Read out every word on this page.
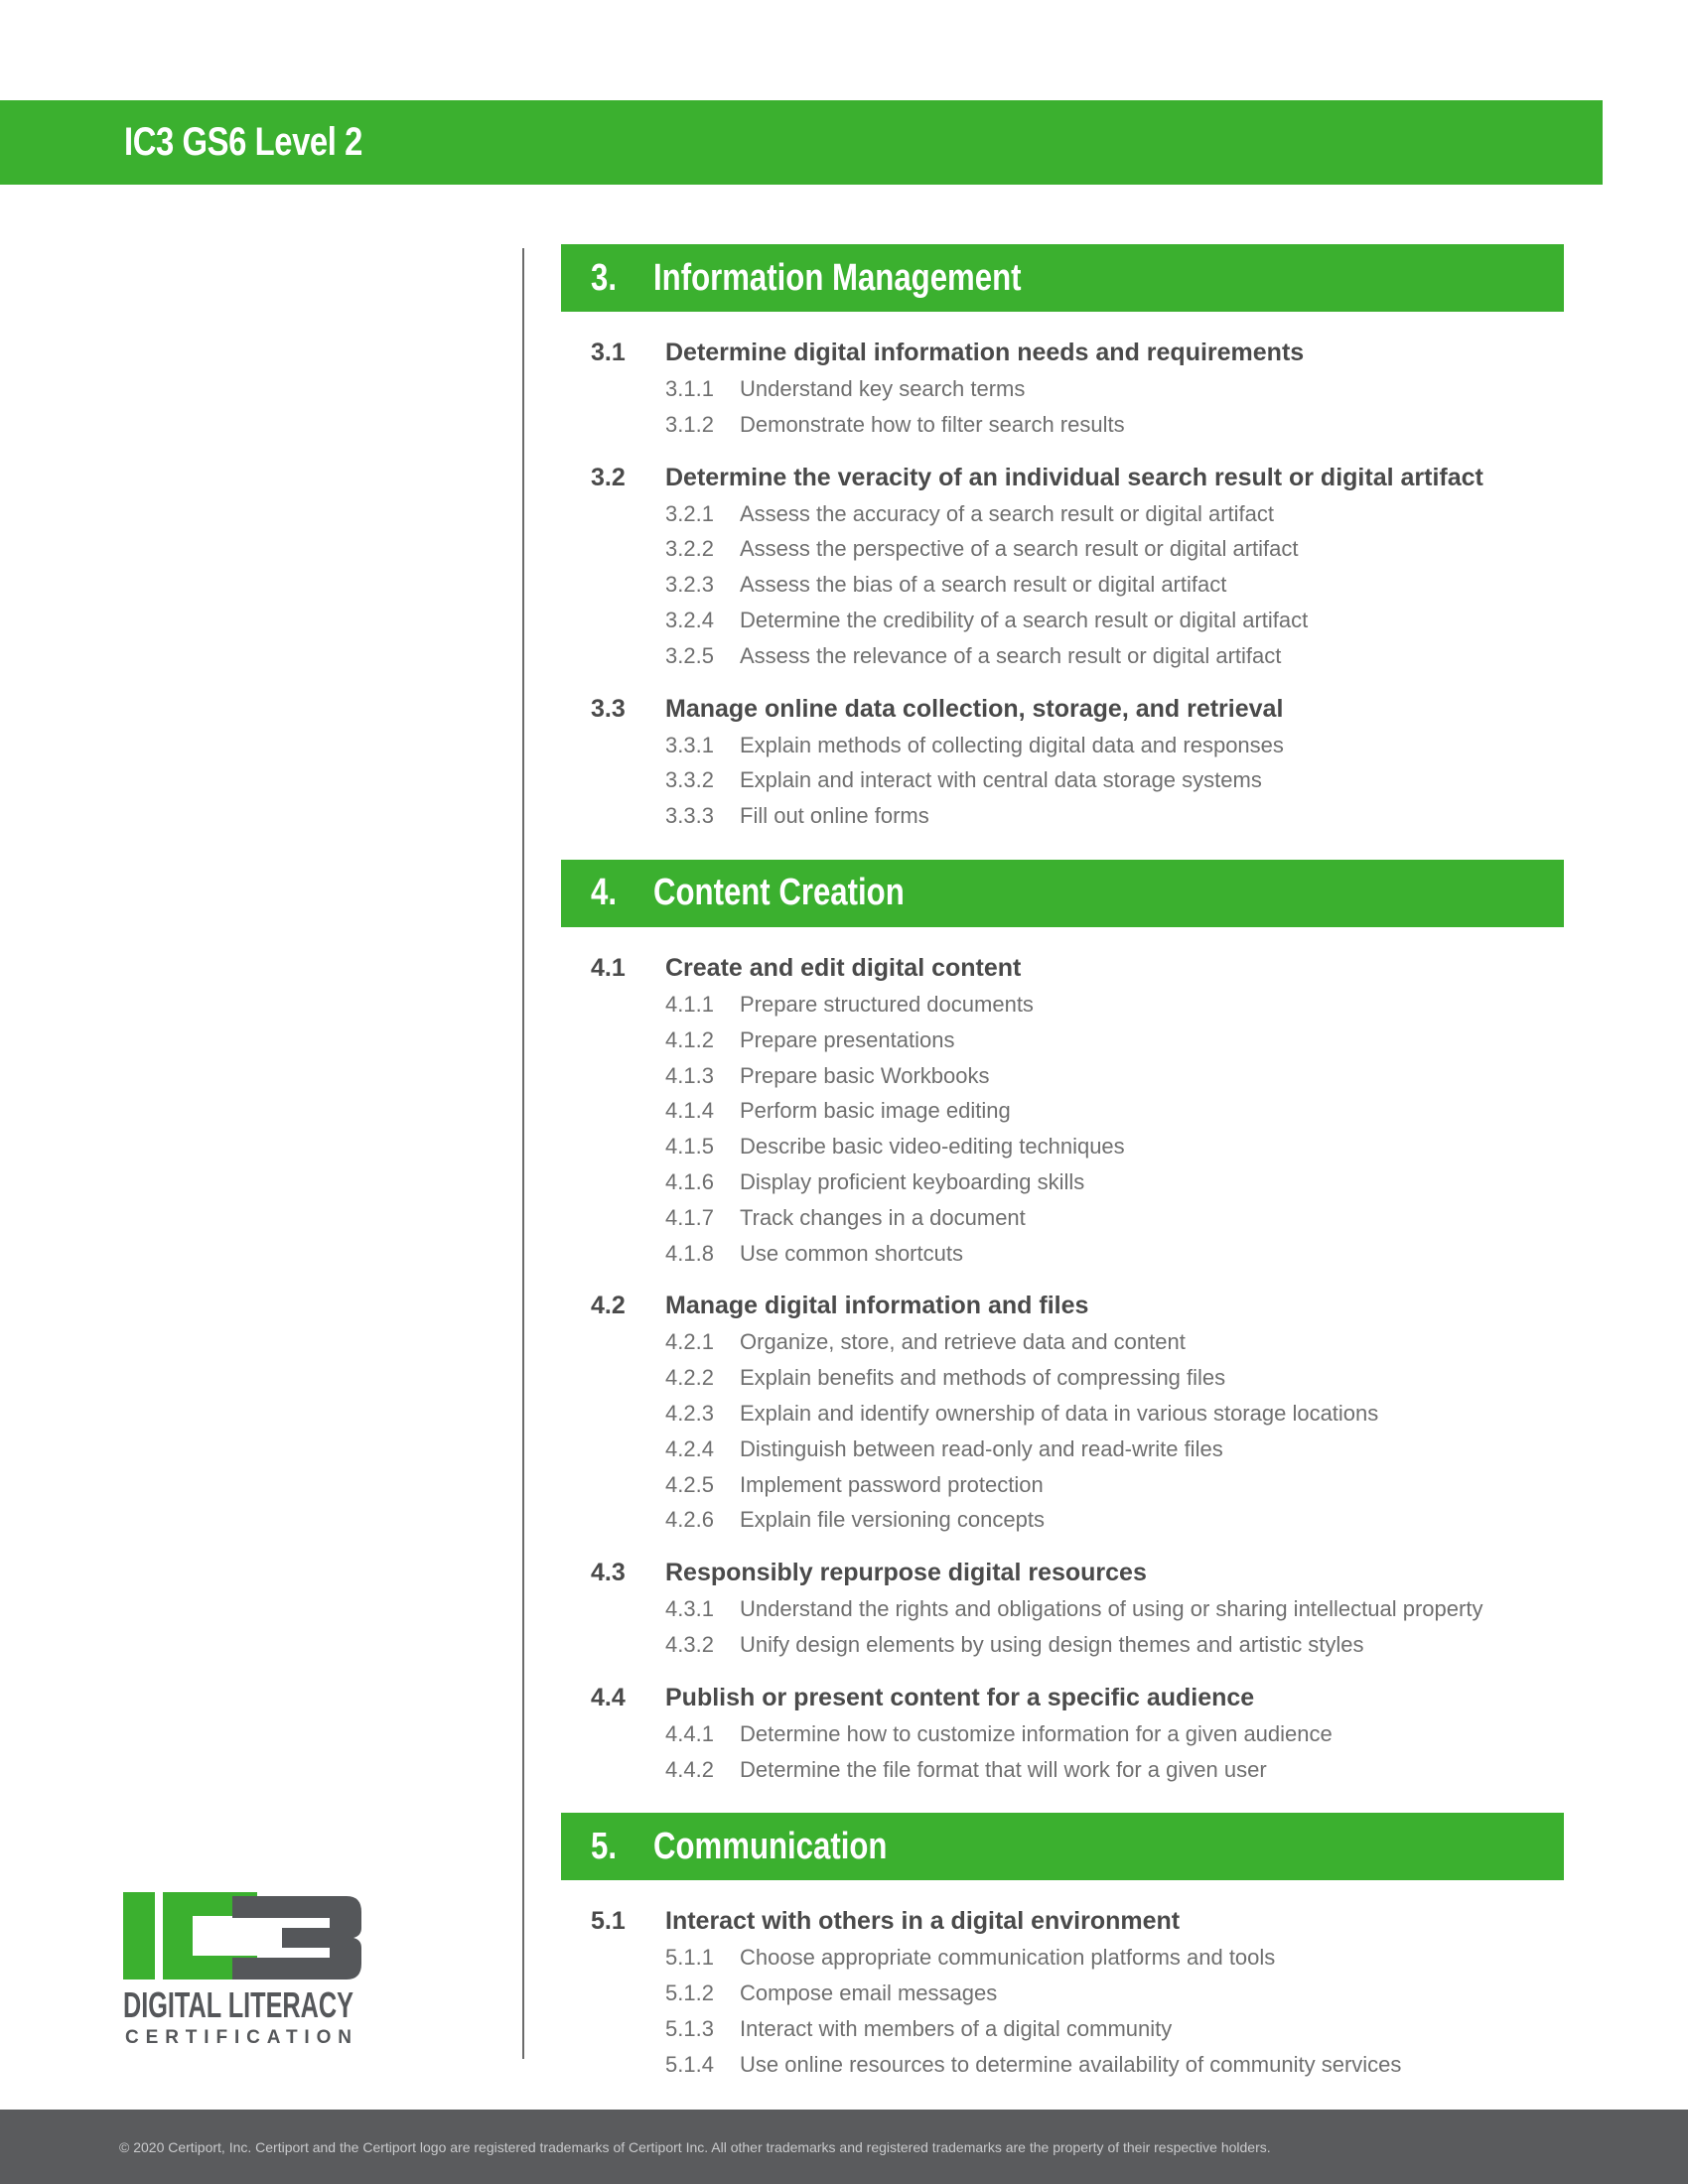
IC3 GS6 Level 2
3. Information Management
3.1	Determine digital information needs and requirements
3.1.1	Understand key search terms
3.1.2	Demonstrate how to filter search results
3.2	Determine the veracity of an individual search result or digital artifact
3.2.1	Assess the accuracy of a search result or digital artifact
3.2.2	Assess the perspective of a search result or digital artifact
3.2.3	Assess the bias of a search result or digital artifact
3.2.4	Determine the credibility of a search result or digital artifact
3.2.5	Assess the relevance of a search result or digital artifact
3.3	Manage online data collection, storage, and retrieval
3.3.1	Explain methods of collecting digital data and responses
3.3.2	Explain and interact with central data storage systems
3.3.3	Fill out online forms
4. Content Creation
4.1	Create and edit digital content
4.1.1	Prepare structured documents
4.1.2	Prepare presentations
4.1.3	Prepare basic Workbooks
4.1.4	Perform basic image editing
4.1.5	Describe basic video-editing techniques
4.1.6	Display proficient keyboarding skills
4.1.7	Track changes in a document
4.1.8	Use common shortcuts
4.2	Manage digital information and files
4.2.1	Organize, store, and retrieve data and content
4.2.2	Explain benefits and methods of compressing files
4.2.3	Explain and identify ownership of data in various storage locations
4.2.4	Distinguish between read-only and read-write files
4.2.5	Implement password protection
4.2.6	Explain file versioning concepts
4.3	Responsibly repurpose digital resources
4.3.1	Understand the rights and obligations of using or sharing intellectual property
4.3.2	Unify design elements by using design themes and artistic styles
4.4	Publish or present content for a specific audience
4.4.1	Determine how to customize information for a given audience
4.4.2	Determine the file format that will work for a given user
5. Communication
5.1	Interact with others in a digital environment
5.1.1	Choose appropriate communication platforms and tools
5.1.2	Compose email messages
5.1.3	Interact with members of a digital community
5.1.4	Use online resources to determine availability of community services
DIGITAL LITERACY
CERTIFICATION
© 2020 Certiport, Inc. Certiport and the Certiport logo are registered trademarks of Certiport Inc. All other trademarks and registered trademarks are the property of their respective holders.
